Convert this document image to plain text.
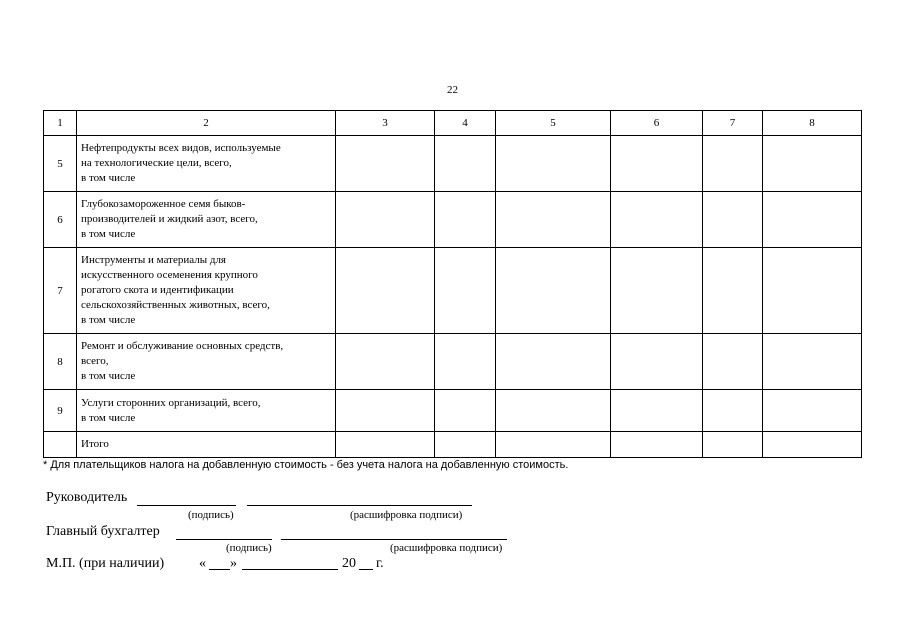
22
1	2	3	4	5	6	7	8
5	Нефтепродукты всех видов, используемые
на технологические цели, всего,
в том числе						

6	Глубокозамороженное семя быков-
производителей и жидкий азот, всего,
в том числе						

7	Инструменты и материалы для
искусственного осеменения крупного
рогатого скота и идентификации
сельскохозяйственных животных, всего,
в том числе						

8	Ремонт и обслуживание основных средств,
всего,
в том числе						

9	Услуги сторонних организаций, всего,
в том числе						

	Итого						

* Для плательщиков налога на добавленную стоимость - без учета налога на добавленную стоимость.
Руководитель
(подпись)	(расшифровка подписи)
Главный бухгалтер
(подпись)	(расшифровка подписи)
М.П. (при наличии) « »	20 г.
